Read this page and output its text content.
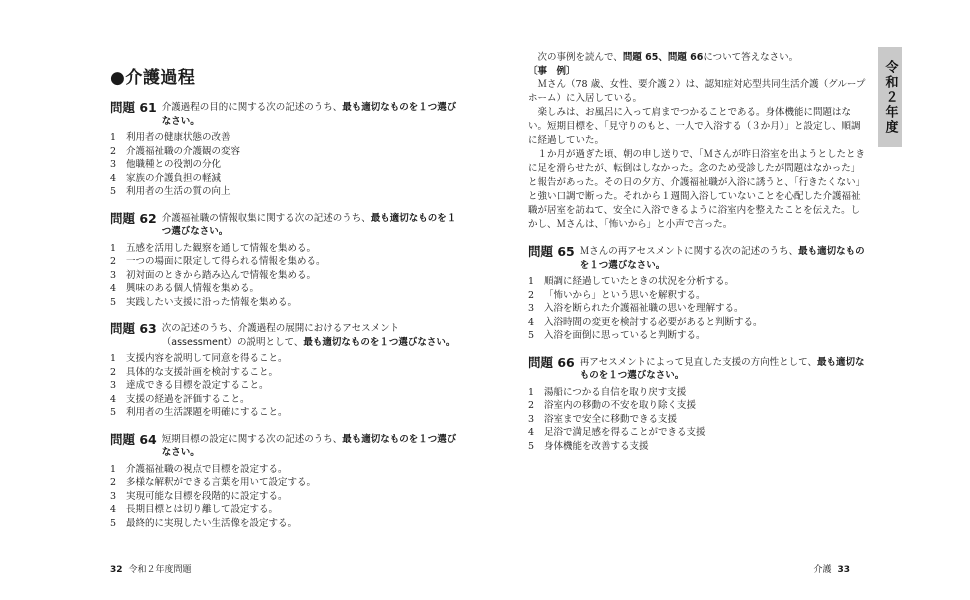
●介護過程
問題 61 介護過程の目的に関する次の記述のうち、最も適切なものを１つ選びなさい。
1	利用者の健康状態の改善
2	介護福祉職の介護観の変容
3	他職種との役割の分化
4	家族の介護負担の軽減
5	利用者の生活の質の向上
問題 62 介護福祉職の情報収集に関する次の記述のうち、最も適切なものを１つ選びなさい。
1	五感を活用した観察を通して情報を集める。
2	一つの場面に限定して得られる情報を集める。
3	初対面のときから踏み込んで情報を集める。
4	興味のある個人情報を集める。
5	実践したい支援に沿った情報を集める。
問題 63 次の記述のうち、介護過程の展開におけるアセスメント（assessment）の説明として、最も適切なものを１つ選びなさい。
1	支援内容を説明して同意を得ること。
2	具体的な支援計画を検討すること。
3	達成できる目標を設定すること。
4	支援の経過を評価すること。
5	利用者の生活課題を明確にすること。
問題 64 短期目標の設定に関する次の記述のうち、最も適切なものを１つ選びなさい。
1	介護福祉職の視点で目標を設定する。
2	多様な解釈ができる言葉を用いて設定する。
3	実現可能な目標を段階的に設定する。
4	長期目標とは切り離して設定する。
5	最終的に実現したい生活像を設定する。

次の事例を読んで、問題 65、問題 66について答えなさい。

〔事　例〕

Ｍさん（78 歳、女性、要介護２）は、認知症対応型共同生活介護（グループホーム）に入居している。

楽しみは、お風呂に入って肩までつかることである。身体機能に問題はない。短期目標を、「見守りのもと、一人で入浴する（３か月）」と設定し、順調に経過していた。

１か月が過ぎた頃、朝の申し送りで、「Ｍさんが昨日浴室を出ようとしたときに足を滑らせたが、転倒はしなかった。念のため受診したが問題はなかった」と報告があった。その日の夕方、介護福祉職が入浴に誘うと、「行きたくない」と強い口調で断った。それから１週間入浴していないことを心配した介護福祉職が居室を訪ねて、安全に入浴できるように浴室内を整えたことを伝えた。しかし、Ｍさんは、「怖いから」と小声で言った。

問題 65 Ｍさんの再アセスメントに関する次の記述のうち、最も適切なものを１つ選びなさい。
1	順調に経過していたときの状況を分析する。
2	「怖いから」という思いを解釈する。
3	入浴を断られた介護福祉職の思いを理解する。
4	入浴時間の変更を検討する必要があると判断する。
5	入浴を面倒に思っていると判断する。
問題 66 再アセスメントによって見直した支援の方向性として、最も適切なものを１つ選びなさい。
1	湯船につかる自信を取り戻す支援
2	浴室内の移動の不安を取り除く支援
3	浴室まで安全に移動できる支援
4	足浴で満足感を得ることができる支援
5	身体機能を改善する支援
令和２年度
32 令和２年度問題	介護 33
